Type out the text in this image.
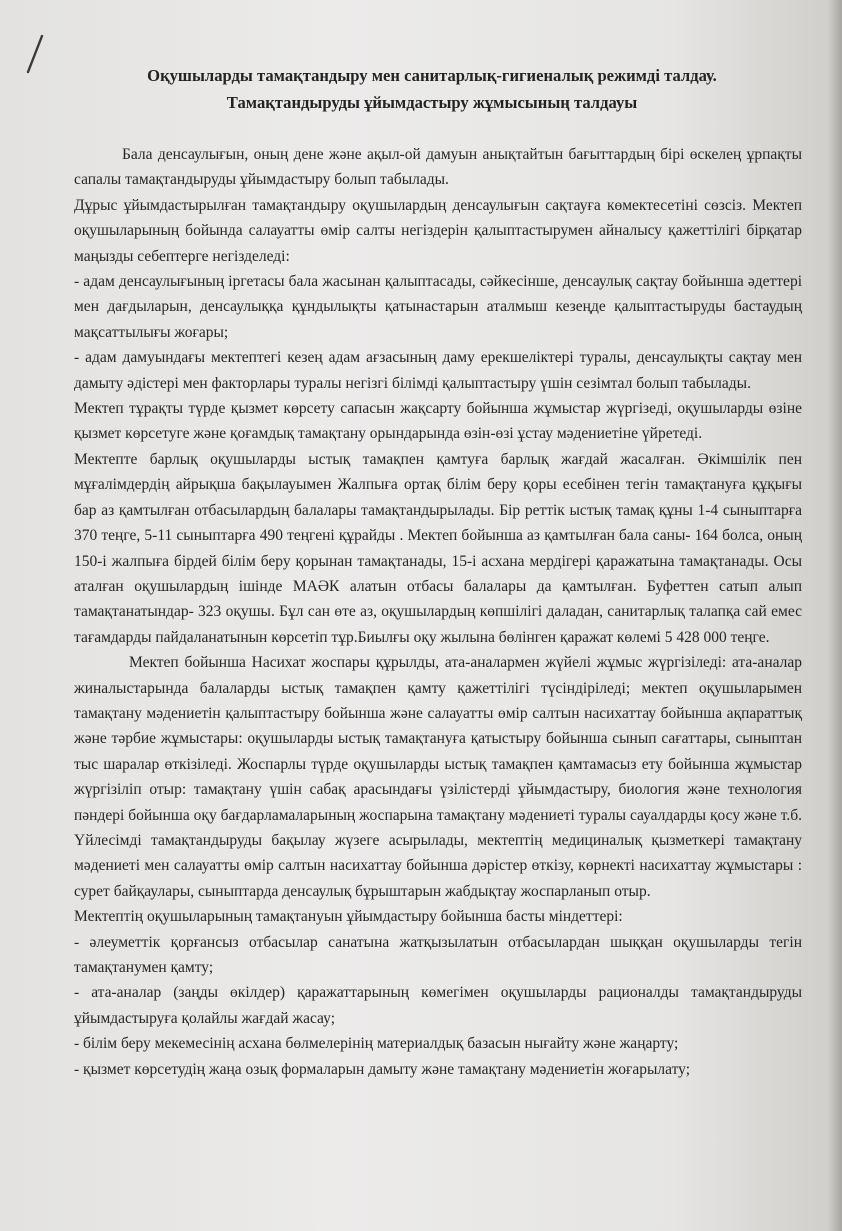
Оқушыларды тамақтандыру мен санитарлық-гигиеналық режимді талдау.
Тамақтандыруды ұйымдастыру жұмысының талдауы

Бала денсаулығын, оның дене және ақыл-ой дамуын анықтайтын бағыттардың бірі өскелең ұрпақты сапалы тамақтандыруды ұйымдастыру болып табылады.

Дұрыс ұйымдастырылған тамақтандыру оқушылардың денсаулығын сақтауға көмектесетіні сөзсіз. Мектеп оқушыларының бойында салауатты өмір салты негіздерін қалыптастырумен айналысу қажеттілігі бірқатар маңызды себептерге негізделеді:

- адам денсаулығының іргетасы бала жасынан қалыптасады, сәйкесінше, денсаулық сақтау бойынша әдеттері мен дағдыларын, денсаулыққа құндылықты қатынастарын аталмыш кезеңде қалыптастыруды бастаудың мақсаттылығы жоғары;

- адам дамуындағы мектептегі кезең адам ағзасының даму ерекшеліктері туралы, денсаулықты сақтау мен дамыту әдістері мен факторлары туралы негізгі білімді қалыптастыру үшін сезімтал болып табылады.

Мектеп тұрақты түрде қызмет көрсету сапасын жақсарту бойынша жұмыстар жүргізеді, оқушыларды өзіне қызмет көрсетуге және қоғамдық тамақтану орындарында өзін-өзі ұстау мәдениетіне үйретеді.

Мектепте барлық оқушыларды ыстық тамақпен қамтуға барлық жағдай жасалған. Әкімшілік пен мұғалімдердің айрықша бақылауымен Жалпыға ортақ білім беру қоры есебінен тегін тамақтануға құқығы бар аз қамтылған отбасылардың балалары тамақтандырылады. Бір реттік ыстық тамақ құны 1-4 сыныптарға 370 теңге, 5-11 сыныптарға 490 теңгені құрайды . Мектеп бойынша аз қамтылған бала саны- 164 болса, оның 150-і жалпыға бірдей білім беру қорынан тамақтанады, 15-і асхана мердігері қаражатына тамақтанады. Осы аталған оқушылардың ішінде МАӘК алатын отбасы балалары да қамтылған. Буфеттен сатып алып тамақтанатындар- 323 оқушы. Бұл сан өте аз, оқушылардың көпшілігі даладан, санитарлық талапқа сай емес тағамдарды пайдаланатынын көрсетіп тұр.Биылғы оқу жылына бөлінген қаражат көлемі 5 428 000 теңге.

Мектеп бойынша Насихат жоспары құрылды, ата-аналармен жүйелі жұмыс жүргізіледі: ата-аналар жиналыстарында балаларды ыстық тамақпен қамту қажеттілігі түсіндіріледі; мектеп оқушыларымен тамақтану мәдениетін қалыптастыру бойынша және салауатты өмір салтын насихаттау бойынша ақпараттық және тәрбие жұмыстары: оқушыларды ыстық тамақтануға қатыстыру бойынша сынып сағаттары, сыныптан тыс шаралар өткізіледі. Жоспарлы түрде оқушыларды ыстық тамақпен қамтамасыз ету бойынша жұмыстар жүргізіліп отыр: тамақтану үшін сабақ арасындағы үзілістерді ұйымдастыру, биология және технология пәндері бойынша оқу бағдарламаларының жоспарына тамақтану мәдениеті туралы сауалдарды қосу және т.б. Үйлесімді тамақтандыруды бақылау жүзеге асырылады, мектептің медициналық қызметкері тамақтану мәдениеті мен салауатты өмір салтын насихаттау бойынша дәрістер өткізу, көрнекті насихаттау жұмыстары : сурет байқаулары, сыныптарда денсаулық бұрыштарын жабдықтау жоспарланып отыр.

Мектептің оқушыларының тамақтануын ұйымдастыру бойынша басты міндеттері:

- әлеуметтік қорғансыз отбасылар санатына жатқызылатын отбасылардан шыққан оқушыларды тегін тамақтанумен қамту;

- ата-аналар (заңды өкілдер) қаражаттарының көмегімен оқушыларды рационалды тамақтандыруды ұйымдастыруға қолайлы жағдай жасау;

- білім беру мекемесінің асхана бөлмелерінің материалдық базасын нығайту және жаңарту;

- қызмет көрсетудің жаңа озық формаларын дамыту және тамақтану мәдениетін жоғарылату;
